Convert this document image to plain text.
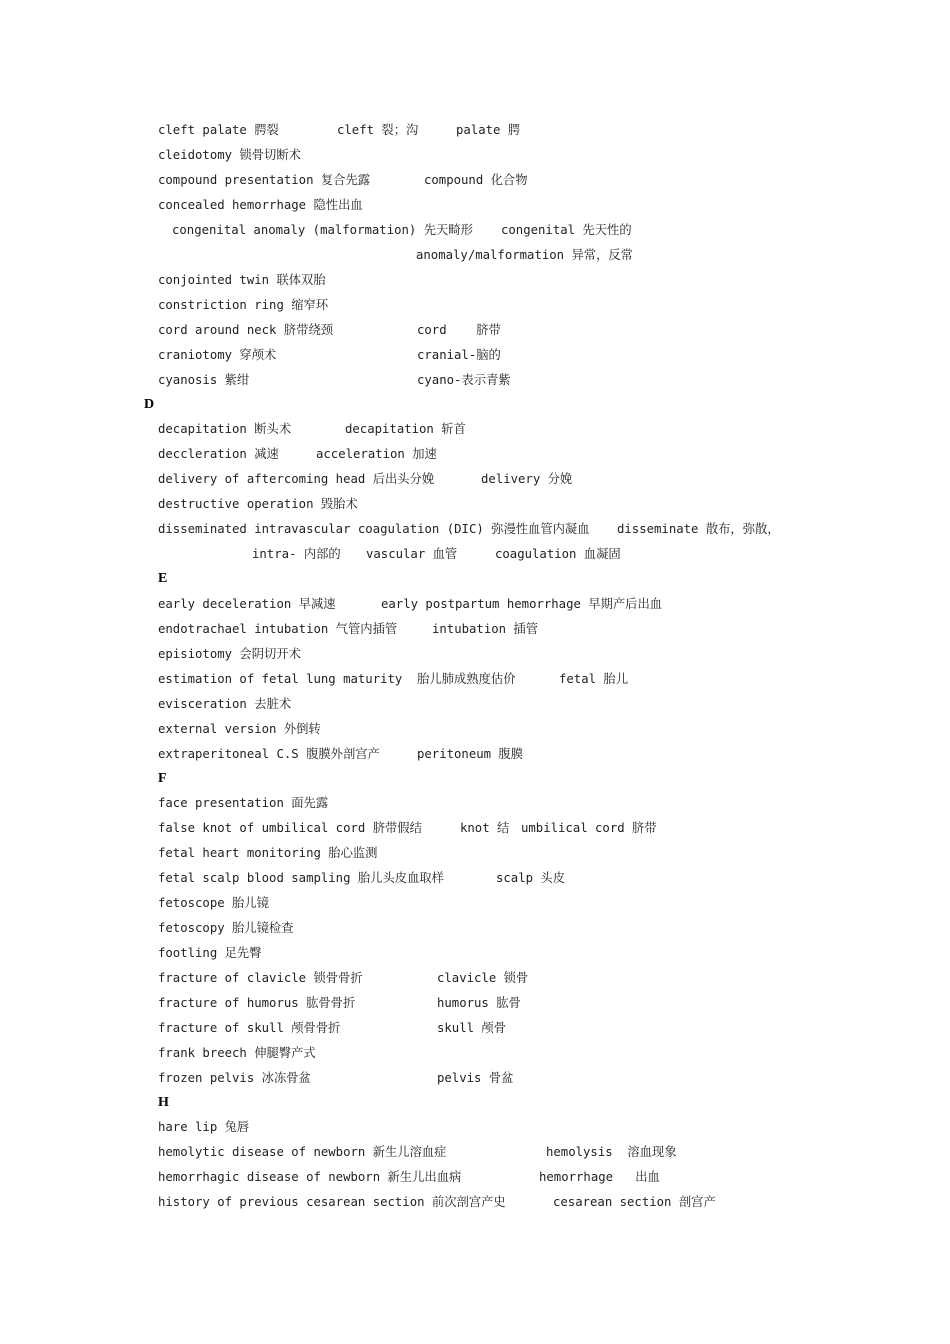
cleft palate 腭裂	cleft 裂；沟	palate 腭
cleidotomy 锁骨切断术
compound presentation 复合先露	compound 化合物
concealed hemorrhage 隐性出血
congenital anomaly (malformation) 先天畸形 congenital 先天性的
anomaly/malformation 异常，反常
conjointed twin 联体双胎
constriction ring 缩窄环
cord around neck 脐带绕颈	cord    脐带
craniotomy 穿颅术	cranial-脑的
cyanosis 紫绀	cyano-表示青紫
D
decapitation 断头术	decapitation 斩首
deccleration 减速	acceleration 加速
delivery of aftercoming head 后出头分娩	delivery 分娩
destructive operation 毁胎术
disseminated intravascular coagulation (DIC) 弥漫性血管内凝血 disseminate 散布，弥散，
intra- 内部的 vascular 血管	coagulation 血凝固
E
early deceleration 早减速	early postpartum hemorrhage 早期产后出血
endotrachael intubation 气管内插管	intubation 插管
episiotomy 会阴切开术
estimation of fetal lung maturity  胎儿肺成熟度估价	fetal 胎儿
evisceration 去脏术
external version 外倒转
extraperitoneal C.S 腹膜外剖宫产	peritoneum 腹膜
F
face presentation 面先露
false knot of umbilical cord 脐带假结	knot 结 umbilical cord 脐带
fetal heart monitoring 胎心监测
fetal scalp blood sampling 胎儿头皮血取样	scalp 头皮
fetoscope 胎儿镜
fetoscopy 胎儿镜检查
footling 足先臀
fracture of clavicle 锁骨骨折	clavicle 锁骨
fracture of humorus 肱骨骨折	humorus 肱骨
fracture of skull 颅骨骨折	skull 颅骨
frank breech 伸腿臀产式
frozen pelvis 冰冻骨盆	pelvis 骨盆
H
hare lip 兔唇
hemolytic disease of newborn 新生儿溶血症	hemolysis  溶血现象
hemorrhagic disease of newborn 新生儿出血病	hemorrhage   出血
history of previous cesarean section 前次剖宫产史	cesarean section 剖宫产
